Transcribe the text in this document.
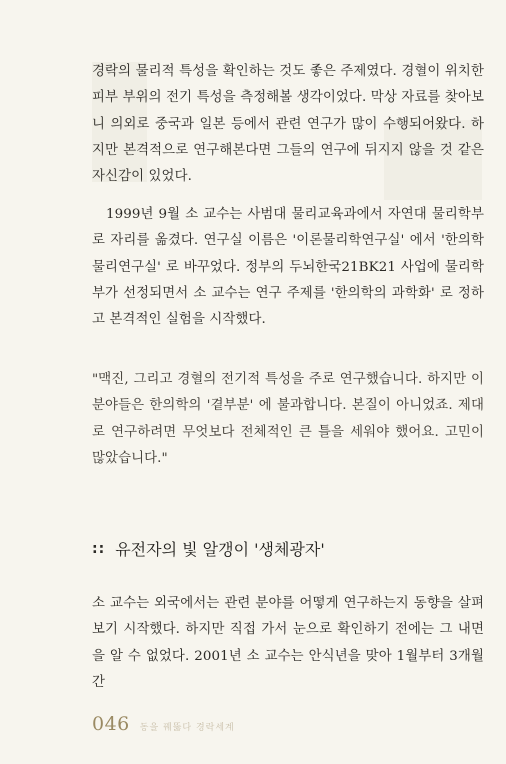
경락의 물리적 특성을 확인하는 것도 좋은 주제였다. 경혈이 위치한 피부 부위의 전기 특성을 측정해볼 생각이었다. 막상 자료를 찾아보니 의외로 중국과 일본 등에서 관련 연구가 많이 수행되어왔다. 하지만 본격적으로 연구해본다면 그들의 연구에 뒤지지 않을 것 같은 자신감이 있었다.

1999년 9월 소 교수는 사범대 물리교육과에서 자연대 물리학부로 자리를 옮겼다. 연구실 이름은 '이론물리학연구실' 에서 '한의학물리연구실' 로 바꾸었다. 정부의 두뇌한국21BK21 사업에 물리학부가 선정되면서 소 교수는 연구 주제를 '한의학의 과학화' 로 정하고 본격적인 실험을 시작했다.

"맥진, 그리고 경혈의 전기적 특성을 주로 연구했습니다. 하지만 이 분야들은 한의학의 '곁부분' 에 불과합니다. 본질이 아니었죠. 제대로 연구하려면 무엇보다 전체적인 큰 틀을 세워야 했어요. 고민이 많았습니다."

:: 유전자의 빛 알갱이 '생체광자'

소 교수는 외국에서는 관련 분야를 어떻게 연구하는지 동향을 살펴보기 시작했다. 하지만 직접 가서 눈으로 확인하기 전에는 그 내면을 알 수 없었다. 2001년 소 교수는 안식년을 맞아 1월부터 3개월간

046 동을 꿰뚫다 경락세계
